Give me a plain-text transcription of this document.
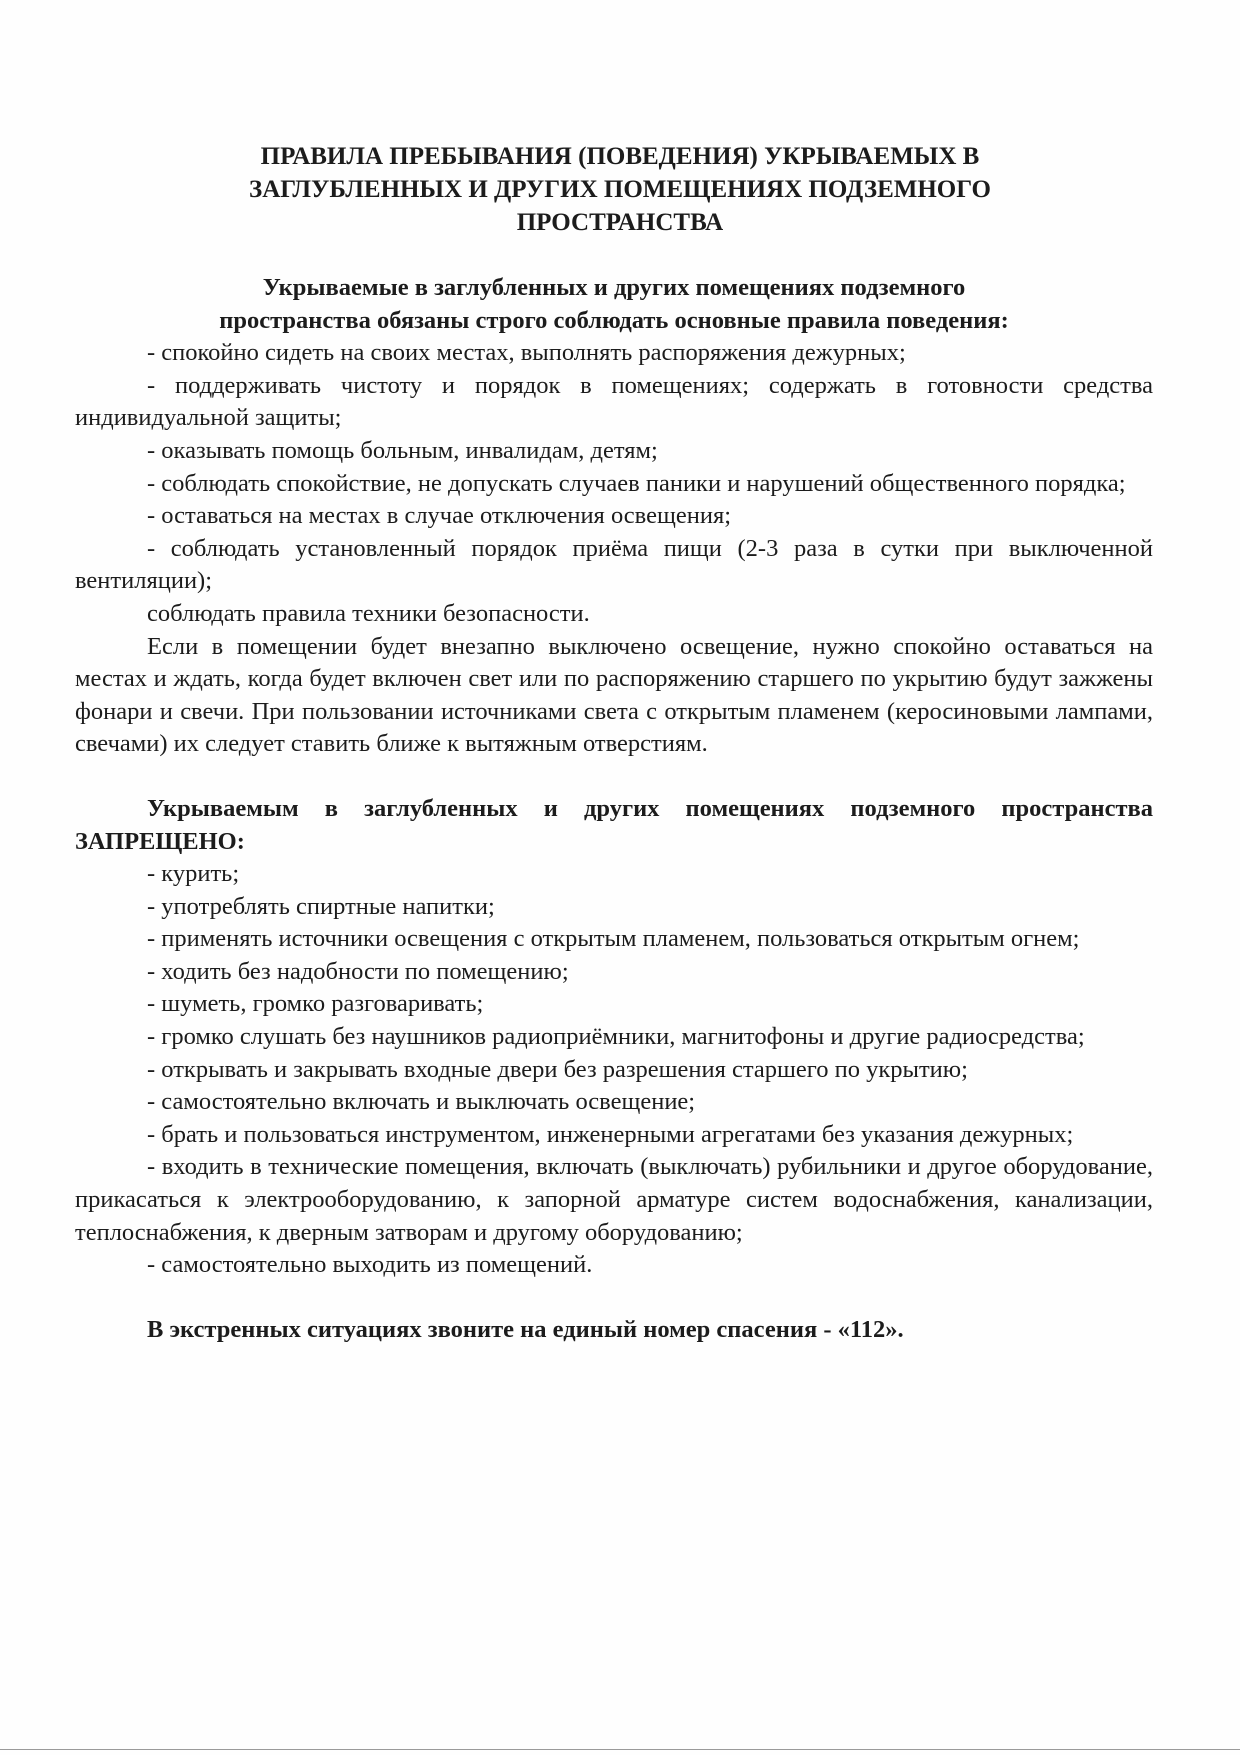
ПРАВИЛА ПРЕБЫВАНИЯ (ПОВЕДЕНИЯ) УКРЫВАЕМЫХ В
ЗАГЛУБЛЕННЫХ И ДРУГИХ ПОМЕЩЕНИЯХ ПОДЗЕМНОГО
ПРОСТРАНСТВА

Укрываемые в заглубленных и других помещениях подземного
пространства обязаны строго соблюдать основные правила поведения:

- спокойно сидеть на своих местах, выполнять распоряжения дежурных;

- поддерживать чистоту и порядок в помещениях; содержать в готовности средства индивидуальной защиты;

- оказывать помощь больным, инвалидам, детям;

- соблюдать спокойствие, не допускать случаев паники и нарушений общественного порядка;

- оставаться на местах в случае отключения освещения;

- соблюдать установленный порядок приёма пищи (2-3 раза в сутки при выключенной вентиляции);

соблюдать правила техники безопасности.

Если в помещении будет внезапно выключено освещение, нужно спокойно оставаться на местах и ждать, когда будет включен свет или по распоряжению старшего по укрытию будут зажжены фонари и свечи. При пользовании источниками света с открытым пламенем (керосиновыми лампами, свечами) их следует ставить ближе к вытяжным отверстиям.

Укрываемым в заглубленных и других помещениях подземного пространства ЗАПРЕЩЕНО:

- курить;

- употреблять спиртные напитки;

- применять источники освещения с открытым пламенем, пользоваться открытым огнем;

- ходить без надобности по помещению;

- шуметь, громко разговаривать;

- громко слушать без наушников радиоприёмники, магнитофоны и другие радиосредства;

- открывать и закрывать входные двери без разрешения старшего по укрытию;

- самостоятельно включать и выключать освещение;

- брать и пользоваться инструментом, инженерными агрегатами без указания дежурных;

- входить в технические помещения, включать (выключать) рубильники и другое оборудование, прикасаться к электрооборудованию, к запорной арматуре систем водоснабжения, канализации, теплоснабжения, к дверным затворам и другому оборудованию;

- самостоятельно выходить из помещений.

В экстренных ситуациях звоните на единый номер спасения - «112».
